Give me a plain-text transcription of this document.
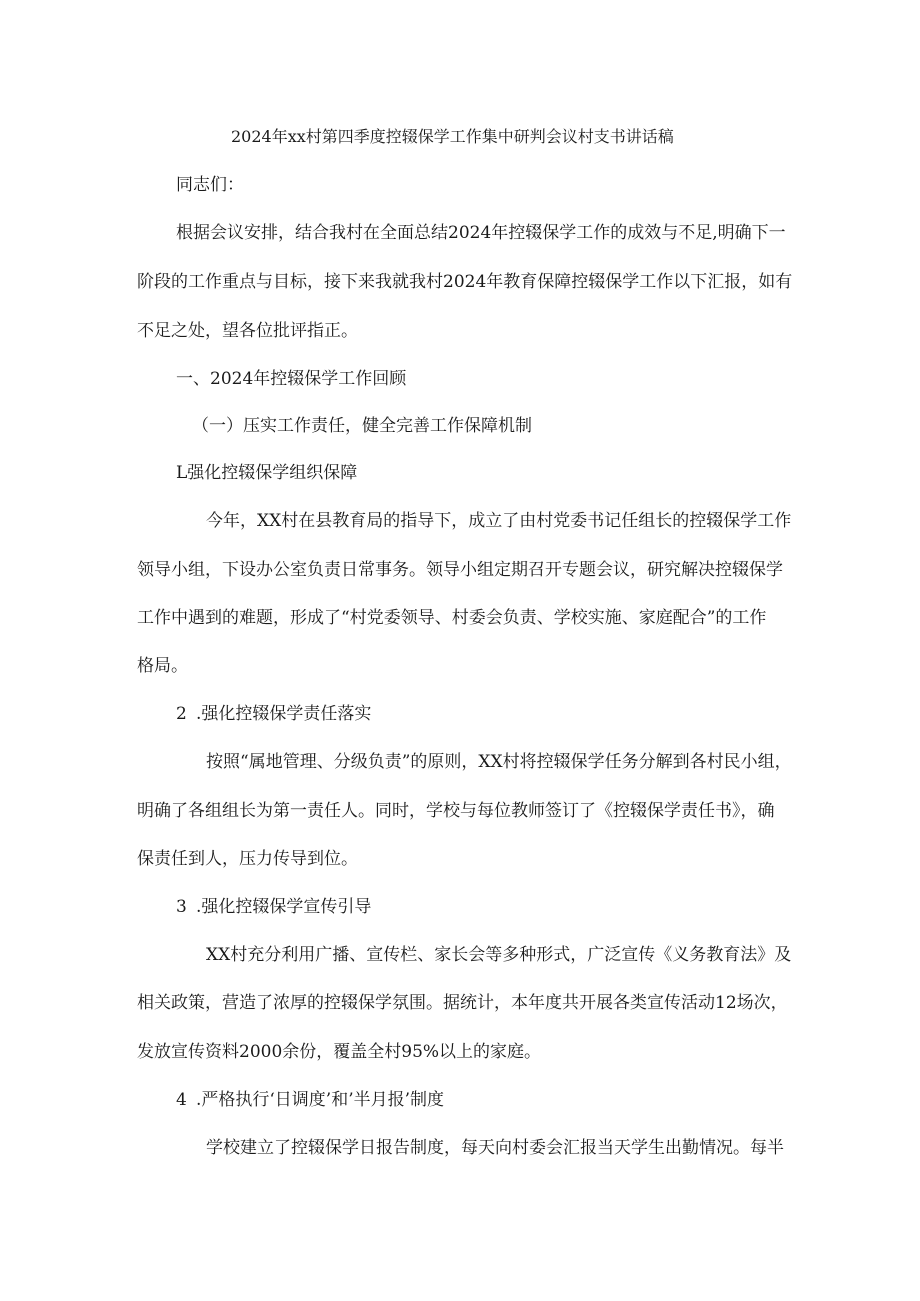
2024年xx村第四季度控辍保学工作集中研判会议村支书讲话稿
同志们：
根据会议安排，结合我村在全面总结2024年控辍保学工作的成效与不足,明确下一
阶段的工作重点与目标，接下来我就我村2024年教育保障控辍保学工作以下汇报，如有
不足之处，望各位批评指正。
一、2024年控辍保学工作回顾
（一）压实工作责任，健全完善工作保障机制
L强化控辍保学组织保障
今年，XX村在县教育局的指导下，成立了由村党委书记任组长的控辍保学工作
领导小组，下设办公室负责日常事务。领导小组定期召开专题会议，研究解决控辍保学
工作中遇到的难题，形成了“村党委领导、村委会负责、学校实施、家庭配合”的工作
格局。
2 .强化控辍保学责任落实
按照“属地管理、分级负责”的原则，XX村将控辍保学任务分解到各村民小组，
明确了各组组长为第一责任人。同时，学校与每位教师签订了《控辍保学责任书》，确
保责任到人，压力传导到位。
3 .强化控辍保学宣传引导
XX村充分利用广播、宣传栏、家长会等多种形式，广泛宣传《义务教育法》及
相关政策，营造了浓厚的控辍保学氛围。据统计，本年度共开展各类宣传活动12场次，
发放宣传资料2000余份，覆盖全村95%以上的家庭。
4 .严格执行‘日调度’和’半月报’制度
学校建立了控辍保学日报告制度，每天向村委会汇报当天学生出勤情况。每半
